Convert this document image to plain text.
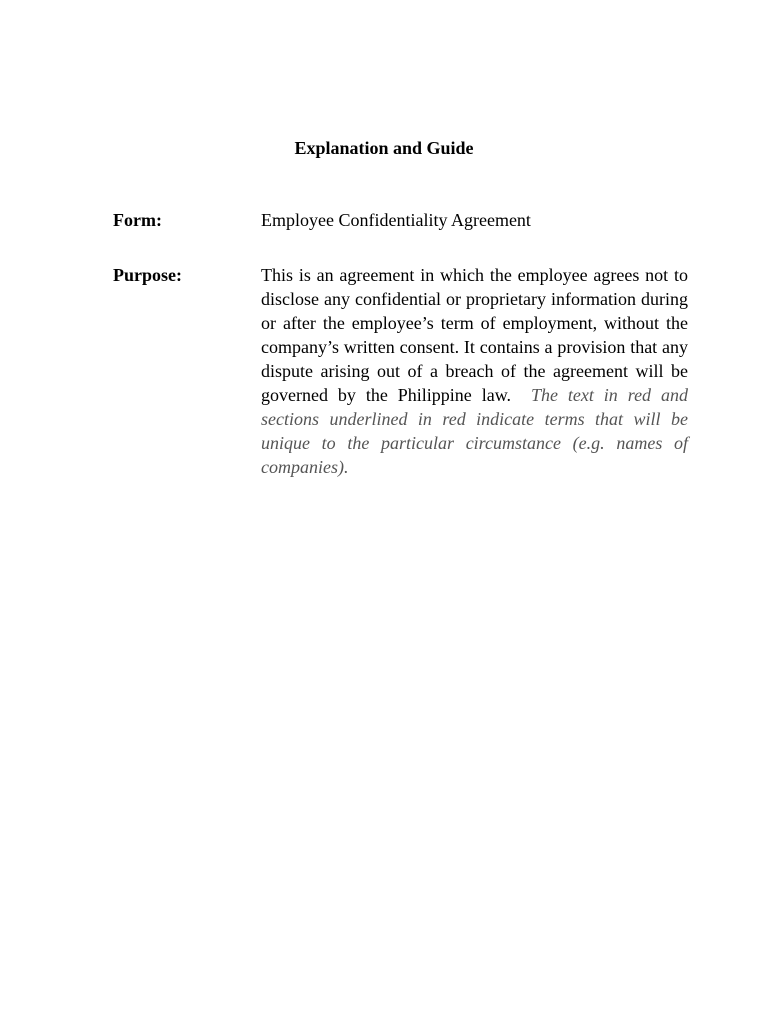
Explanation and Guide
Form:	Employee Confidentiality Agreement
Purpose:	This is an agreement in which the employee agrees not to disclose any confidential or proprietary information during or after the employee’s term of employment, without the company’s written consent. It contains a provision that any dispute arising out of a breach of the agreement will be governed by the Philippine law. The text in red and sections underlined in red indicate terms that will be unique to the particular circumstance (e.g. names of companies).
